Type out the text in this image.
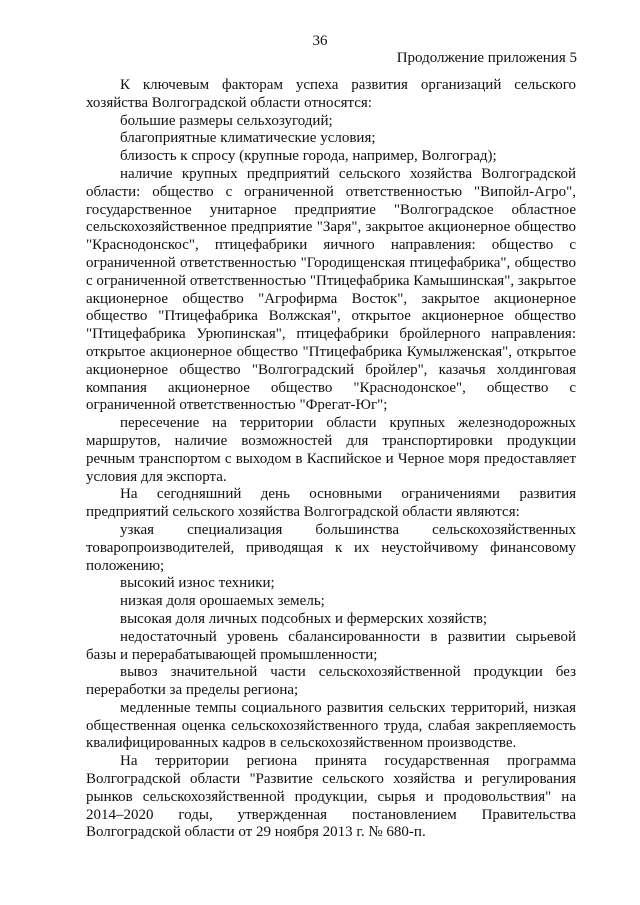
36
Продолжение приложения 5

К ключевым факторам успеха развития организаций сельского хозяйства Волгоградской области относятся:

большие размеры сельхозугодий;

благоприятные климатические условия;

близость к спросу (крупные города, например, Волгоград);

наличие крупных предприятий сельского хозяйства Волгоградской области: общество с ограниченной ответственностью "Випойл-Агро", государственное унитарное предприятие "Волгоградское областное сельскохозяйственное предприятие "Заря", закрытое акционерное общество "Краснодонскос", птицефабрики яичного направления: общество с ограниченной ответственностью "Городищенская птицефабрика", общество с ограниченной ответственностью "Птицефабрика Камышинская", закрытое акционерное общество "Агрофирма Восток", закрытое акционерное общество "Птицефабрика Волжская", открытое акционерное общество "Птицефабрика Урюпинская", птицефабрики бройлерного направления: открытое акционерное общество "Птицефабрика Кумылженская", открытое акционерное общество "Волгоградский бройлер", казачья холдинговая компания акционерное общество "Краснодонское", общество с ограниченной ответственностью "Фрегат-Юг";

пересечение на территории области крупных железнодорожных маршрутов, наличие возможностей для транспортировки продукции речным транспортом с выходом в Каспийское и Черное моря предоставляет условия для экспорта.

На сегодняшний день основными ограничениями развития предприятий сельского хозяйства Волгоградской области являются:

узкая специализация большинства сельскохозяйственных товаропроизводителей, приводящая к их неустойчивому финансовому положению;

высокий износ техники;

низкая доля орошаемых земель;

высокая доля личных подсобных и фермерских хозяйств;

недостаточный уровень сбалансированности в развитии сырьевой базы и перерабатывающей промышленности;

вывоз значительной части сельскохозяйственной продукции без переработки за пределы региона;

медленные темпы социального развития сельских территорий, низкая общественная оценка сельскохозяйственного труда, слабая закрепляемость квалифицированных кадров в сельскохозяйственном производстве.

На территории региона принята государственная программа Волгоградской области "Развитие сельского хозяйства и регулирования рынков сельскохозяйственной продукции, сырья и продовольствия" на 2014–2020 годы, утвержденная постановлением Правительства Волгоградской области от 29 ноября 2013 г. № 680-п.
